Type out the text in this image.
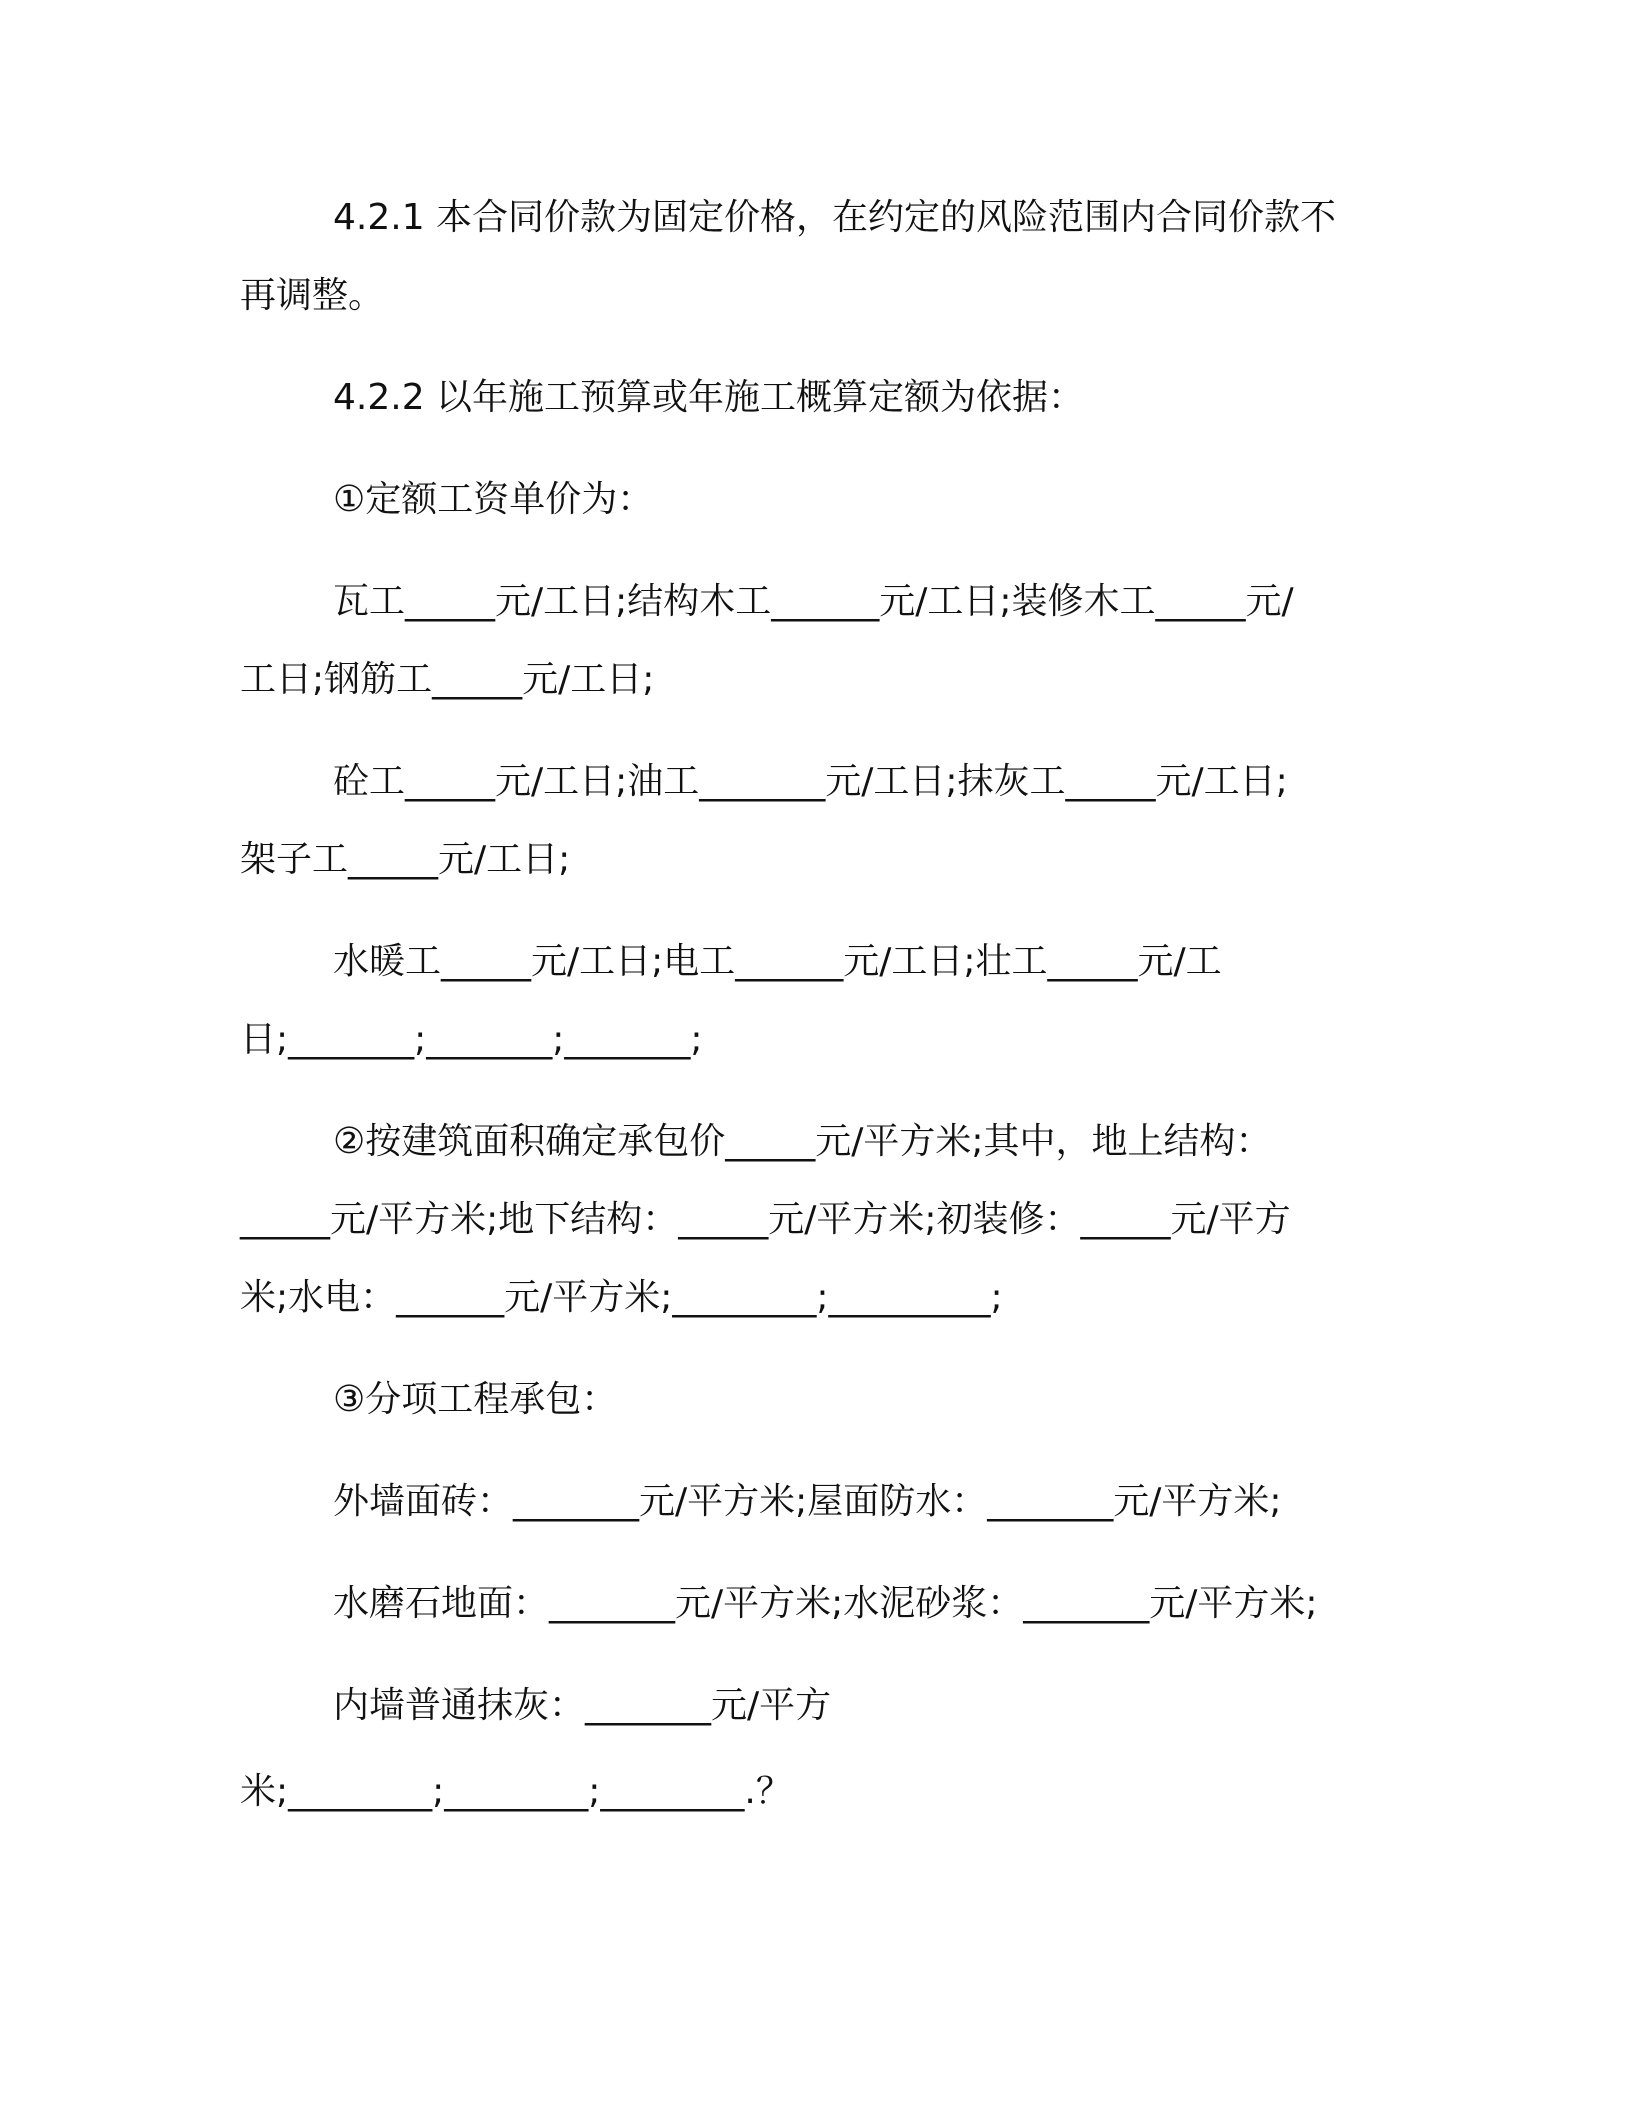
4.2.1 本合同价款为固定价格，在约定的风险范围内合同价款不
再调整。
4.2.2 以年施工预算或年施工概算定额为依据：
①定额工资单价为：
瓦工_____元/工日;结构木工______元/工日;装修木工_____元/
工日;钢筋工_____元/工日;
砼工_____元/工日;油工_______元/工日;抹灰工_____元/工日;
架子工_____元/工日;
水暖工_____元/工日;电工______元/工日;壮工_____元/工
日;_______;_______;_______;
②按建筑面积确定承包价_____元/平方米;其中，地上结构：
_____元/平方米;地下结构：_____元/平方米;初装修：_____元/平方
米;水电：______元/平方米;________;_________;
③分项工程承包：
外墙面砖：_______元/平方米;屋面防水：_______元/平方米;
水磨石地面：_______元/平方米;水泥砂浆：_______元/平方米;
内墙普通抹灰：_______元/平方
米;________;________;________.？
